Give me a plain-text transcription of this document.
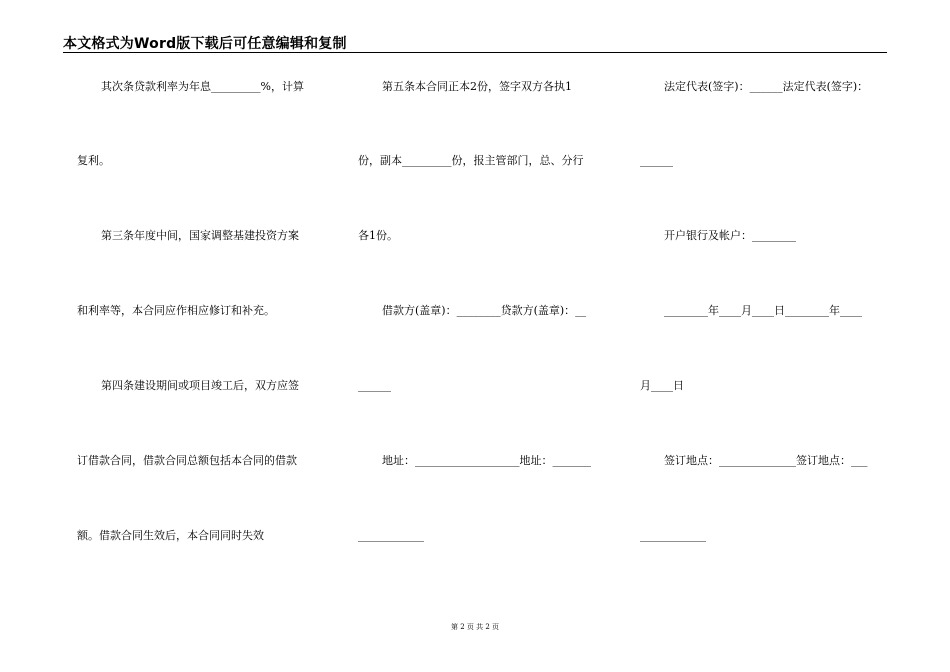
本文格式为Word版下载后可任意编辑和复制
其次条贷款利率为年息_________%，计算
复利。
第三条年度中间，国家调整基建投资方案
和利率等，本合同应作相应修订和补充。
第四条建设期间或项目竣工后，双方应签
订借款合同，借款合同总额包括本合同的借款
额。借款合同生效后，本合同同时失效
第五条本合同正本2份，签字双方各执1
份，副本_________份，报主管部门，总、分行
各1份。
借款方(盖章)：________贷款方(盖章)：__
______
地址：___________________地址：_______
____________
法定代表(签字)：______法定代表(签字)：
______
开户银行及帐户：________
________年____月____日________年____
月____日
签订地点：______________签订地点：___
____________
第 2 页 共 2 页
